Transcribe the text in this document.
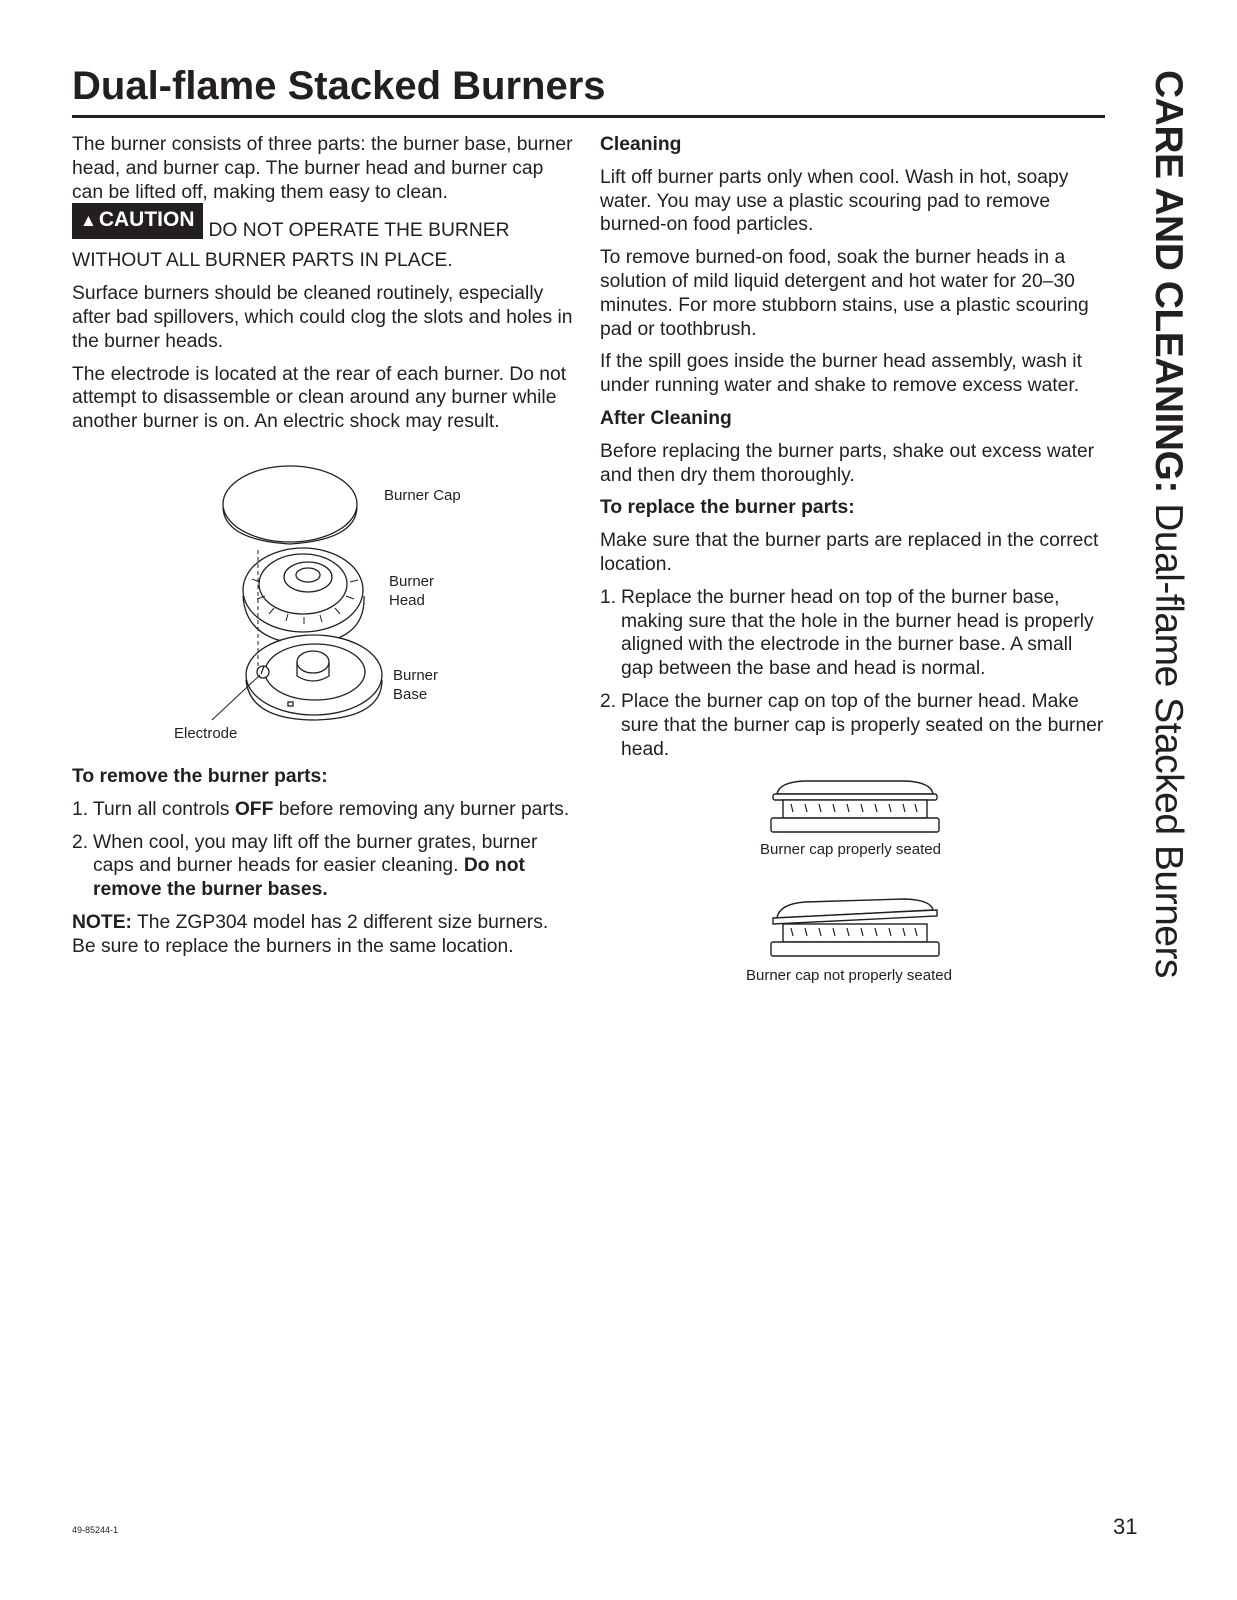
Dual-flame Stacked Burners	CARE AND CLEANING: Dual-flame Stacked Burners

The burner consists of three parts: the burner base, burner head, and burner cap. The burner head and burner cap can be lifted off, making them easy to clean.

▲CAUTION DO NOT OPERATE THE BURNER WITHOUT ALL BURNER PARTS IN PLACE.

Surface burners should be cleaned routinely, especially after bad spillovers, which could clog the slots and holes in the burner heads.

The electrode is located at the rear of each burner. Do not attempt to disassemble or clean around any burner while another burner is on. An electric shock may result.

To remove the burner parts:
1. Turn all controls OFF before removing any burner parts.
2. When cool, you may lift off the burner grates, burner caps and burner heads for easier cleaning. Do not remove the burner bases.

NOTE: The ZGP304 model has 2 different size burners. Be sure to replace the burners in the same location.

Burner Cap
Burner
Head
Burner
Base
Electrode
Cleaning

Lift off burner parts only when cool. Wash in hot, soapy water. You may use a plastic scouring pad to remove burned-on food particles.

To remove burned-on food, soak the burner heads in a solution of mild liquid detergent and hot water for 20–30 minutes. For more stubborn stains, use a plastic scouring pad or toothbrush.

If the spill goes inside the burner head assembly, wash it under running water and shake to remove excess water.

After Cleaning

Before replacing the burner parts, shake out excess water and then dry them thoroughly.

To replace the burner parts:

Make sure that the burner parts are replaced in the correct location.

1. Replace the burner head on top of the burner base, making sure that the hole in the burner head is properly aligned with the electrode in the burner base. A small gap between the base and head is normal.
2. Place the burner cap on top of the burner head. Make sure that the burner cap is properly seated on the burner head.
Burner cap properly seated
Burner cap not properly seated
49-85244-1	31
